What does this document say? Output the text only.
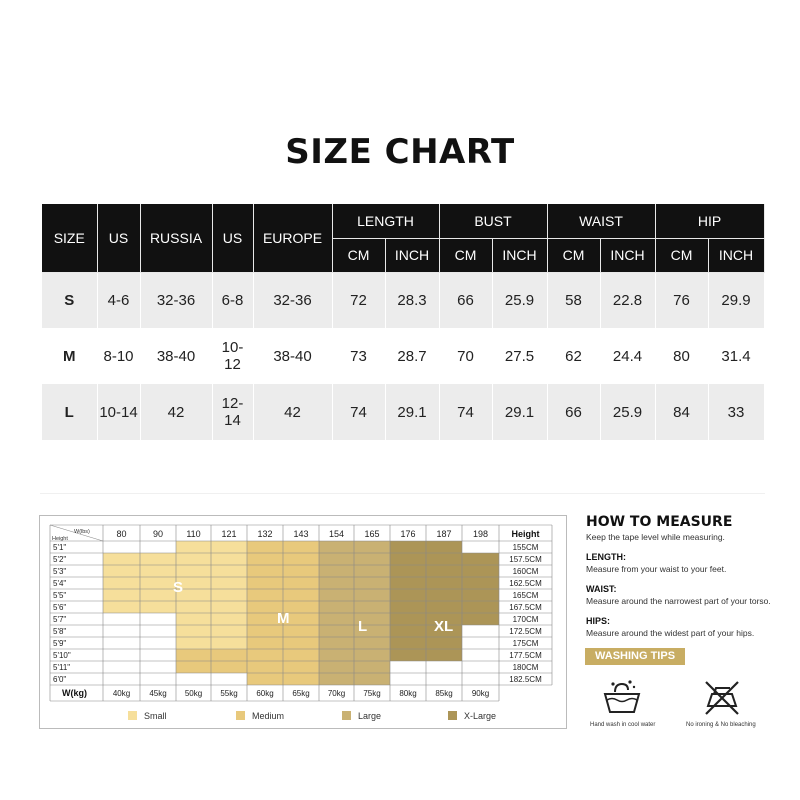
SIZE CHART
SIZE	US	RUSSIA	US	EUROPE	LENGTH		BUST		WAIST		HIP	
					CM	INCH	CM	INCH	CM	INCH	CM	INCH
S	4-6	32-36	6-8	32-36	72	28.3	66	25.9	58	22.8	76	29.9
M	8-10	38-40	10-12	38-40	73	28.7	70	27.5	62	24.4	80	31.4
L	10-14	42	12-14	42	74	29.1	74	29.1	66	25.9	84	33
W(lbs)
Height	80	90	110 121 132 143 154 165 176 187 198	Height
5'1"	155CM
5'2"	157.5CM
5'3"	160CM
5'4"	162.5CM
5'5"	165CM
5'6"	167.5CM
5'7"	170CM
5'8"	172.5CM
5'9"	175CM
5'10"	177.5CM
5'11"	180CM
6'0"	182.5CM
W(kg)	40kg 45kg 50kg 55kg 60kg 65kg 70kg 75kg 80kg 85kg 90kg
S
M	L	XL
Small	Medium	Large	X-Large
HOW TO MEASURE
Keep the tape level while measuring.
LENGTH:
Measure from your waist to your feet.
WAIST:
Measure around the narrowest part of your torso.
HIPS:
Measure around the widest part of your hips.
WASHING TIPS
Hand wash in cool water	No ironing & No bleaching
